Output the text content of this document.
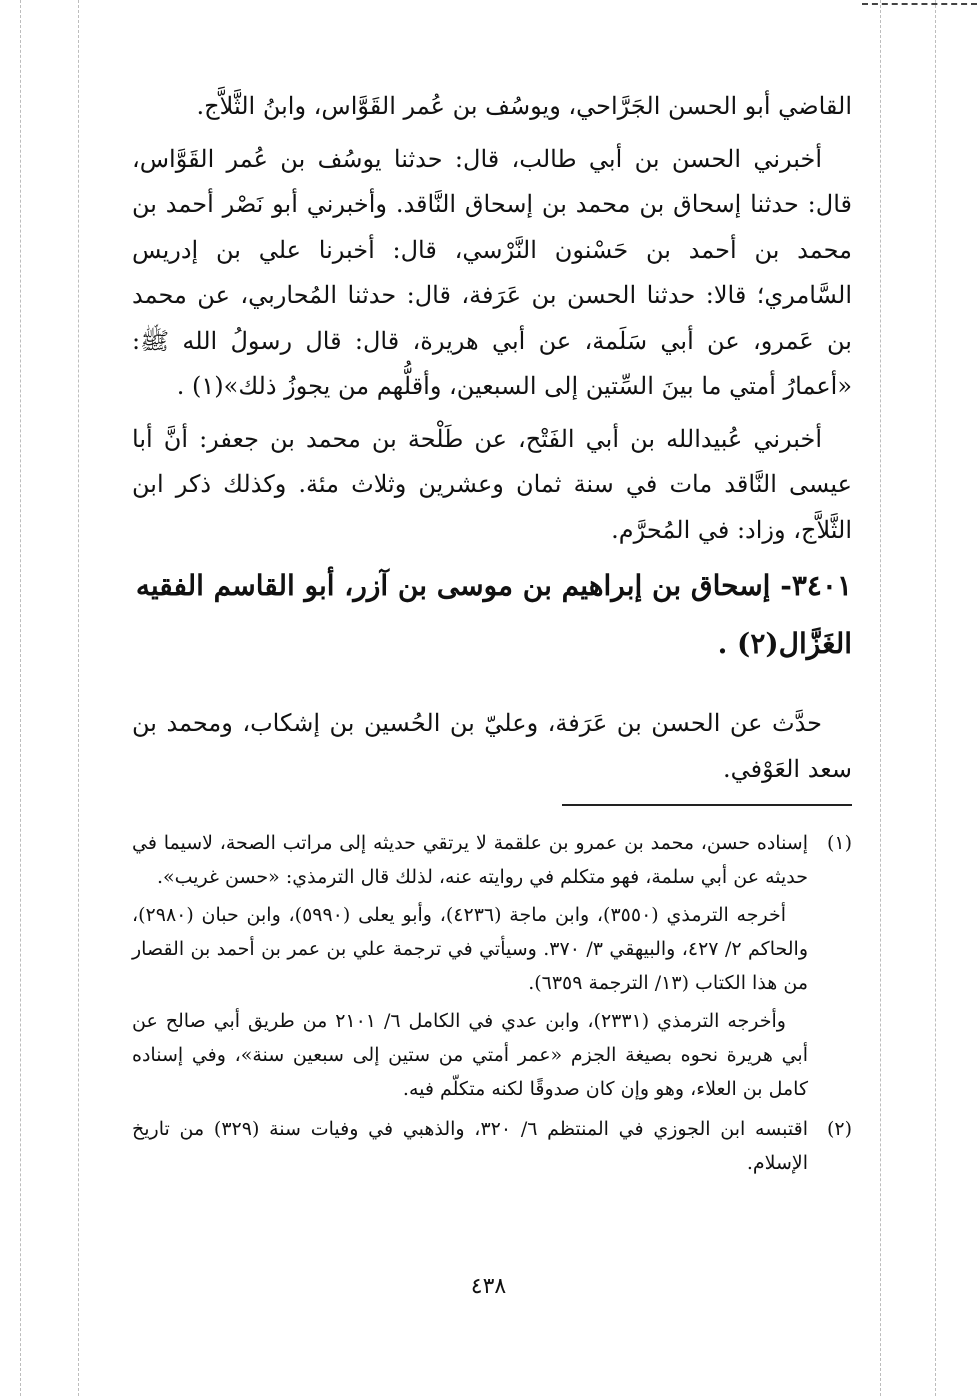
القاضي أبو الحسن الجَرَّاحي، ويوسُف بن عُمر القَوَّاس، وابنُ الثَّلاَّج.

أخبرني الحسن بن أبي طالب، قال: حدثنا يوسُف بن عُمر القَوَّاس، قال: حدثنا إسحاق بن محمد بن إسحاق النَّاقد. وأخبرني أبو نَصْر أحمد بن محمد بن أحمد بن حَسْنون النَّرْسي، قال: أخبرنا علي بن إدريس السَّامري؛ قالا: حدثنا الحسن بن عَرَفة، قال: حدثنا المُحاربي، عن محمد بن عَمرو، عن أبي سَلَمة، عن أبي هريرة، قال: قال رسولُ الله ﷺ: «أعمارُ أمتي ما بينَ السِّتين إلى السبعين، وأقلُّهم من يجوزُ ذلك»(١) .

أخبرني عُبيدالله بن أبي الفَتْح، عن طَلْحة بن محمد بن جعفر: أنَّ أبا عيسى النَّاقد مات في سنة ثمان وعشرين وثلاث مئة. وكذلك ذكر ابن الثَّلاَّج، وزاد: في المُحرَّم.

٣٤٠١- إسحاق بن إبراهيم بن موسى بن آزر، أبو القاسم الفقيه

الغَزَّال(٢) .

حدَّث عن الحسن بن عَرَفة، وعليّ بن الحُسين بن إشكاب، ومحمد بن سعد العَوْفي.

(١)
إسناده حسن، محمد بن عمرو بن علقمة لا يرتقي حديثه إلى مراتب الصحة، لاسيما في حديثه عن أبي سلمة، فهو متكلم في روايته عنه، لذلك قال الترمذي: «حسن غريب».

أخرجه الترمذي (٣٥٥٠)، وابن ماجة (٤٢٣٦)، وأبو يعلى (٥٩٩٠)، وابن حبان (٢٩٨٠)، والحاكم ٢/ ٤٢٧، والبيهقي ٣/ ٣٧٠. وسيأتي في ترجمة علي بن عمر بن أحمد بن القصار من هذا الكتاب (١٣/ الترجمة ٦٣٥٩).

وأخرجه الترمذي (٢٣٣١)، وابن عدي في الكامل ٦/ ٢١٠١ من طريق أبي صالح عن أبي هريرة نحوه بصيغة الجزم «عمر أمتي من ستين إلى سبعين سنة»، وفي إسناده كامل بن العلاء، وهو وإن كان صدوقًا لكنه متكلّم فيه.

(٢)
اقتبسه ابن الجوزي في المنتظم ٦/ ٣٢٠، والذهبي في وفيات سنة (٣٢٩) من تاريخ الإسلام.
٤٣٨
